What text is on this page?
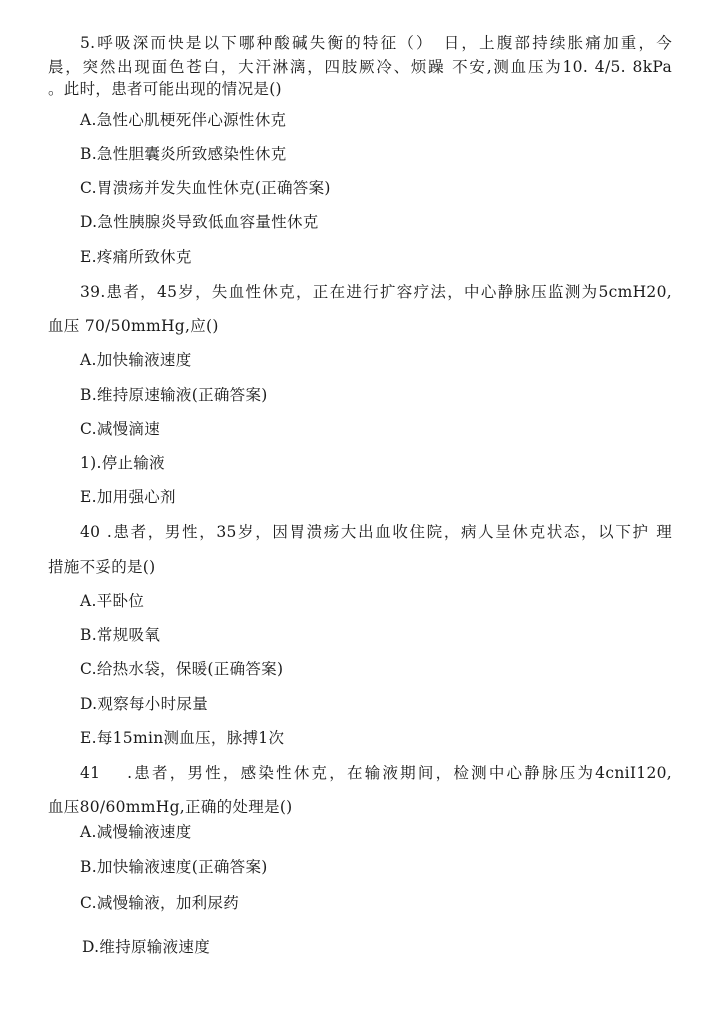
5.呼吸深而快是以下哪种酸碱失衡的特征（）　日，上腹部持续胀痛加重，今
晨，突然出现面色苍白，大汗淋漓，四肢厥冷、烦躁 不安,测血压为10. 4/5. 8kPa
。此时，患者可能出现的情况是()
A.急性心肌梗死伴心源性休克
B.急性胆囊炎所致感染性休克
C.胃溃疡并发失血性休克(正确答案)
D.急性胰腺炎导致低血容量性休克
E.疼痛所致休克
39.患者，45岁，失血性休克，正在进行扩容疗法，中心静脉压监测为5cmH20,
血压 70/50mmHg,应()
A.加快输液速度
B.维持原速输液(正确答案)
C.减慢滴速
1).停止输液
E.加用强心剂
40 .患者，男性，35岁，因胃溃疡大出血收住院，病人呈休克状态，以下护 理
措施不妥的是()
A.平卧位
B.常规吸氧
C.给热水袋，保暖(正确答案)
D.观察每小时尿量
E.每15min测血压，脉搏1次
41　 .患者，男性，感染性休克，在输液期间，检测中心静脉压为4cniI120,
血压80/60mmHg,正确的处理是()
A.减慢输液速度
B.加快输液速度(正确答案)
C.减慢输液，加利尿药
D.维持原输液速度
